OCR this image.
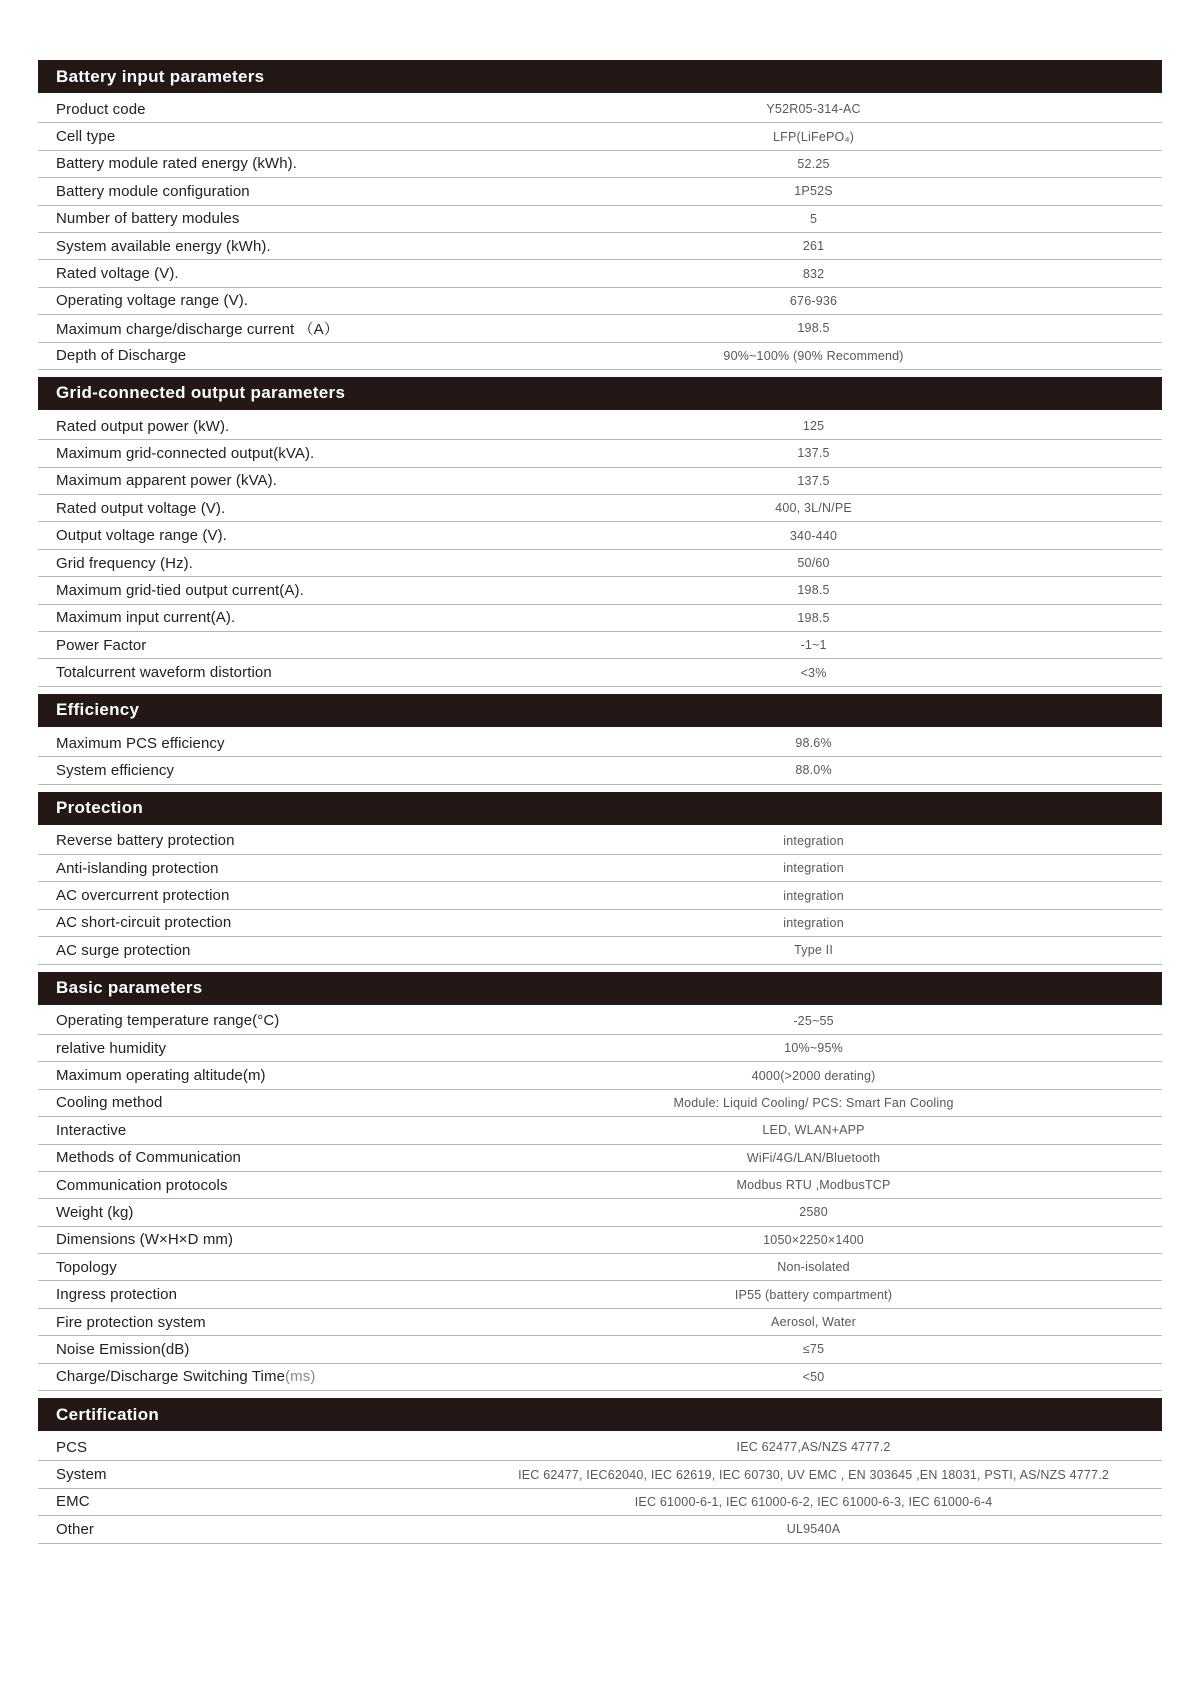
Battery input parameters
Product code	Y52R05-314-AC
Cell type	LFP(LiFePO₄)
Battery module rated energy (kWh).	52.25
Battery module configuration	1P52S
Number of battery modules	5
System available energy (kWh).	261
Rated voltage (V).	832
Operating voltage range (V).	676-936
Maximum charge/discharge current （A）	198.5
Depth of Discharge	90%~100% (90% Recommend)
Grid-connected output parameters
Rated output power (kW).	125
Maximum grid-connected output(kVA).	137.5
Maximum apparent power (kVA).	137.5
Rated output voltage (V).	400, 3L/N/PE
Output voltage range (V).	340-440
Grid frequency (Hz).	50/60
Maximum grid-tied output current(A).	198.5
Maximum input current(A).	198.5
Power Factor	-1~1
Totalcurrent waveform distortion	<3%
Efficiency
Maximum PCS efficiency	98.6%
System efficiency	88.0%
Protection
Reverse battery protection	integration
Anti-islanding protection	integration
AC overcurrent protection	integration
AC short-circuit protection	integration
AC surge protection	Type II
Basic parameters
Operating temperature range(°C)	-25~55
relative humidity	10%~95%
Maximum operating altitude(m)	4000(>2000 derating)
Cooling method	Module: Liquid Cooling/ PCS: Smart Fan Cooling
Interactive	LED, WLAN+APP
Methods of Communication	WiFi/4G/LAN/Bluetooth
Communication protocols	Modbus RTU ,ModbusTCP
Weight (kg)	2580
Dimensions (W×H×D mm)	1050×2250×1400
Topology	Non-isolated
Ingress protection	IP55 (battery compartment)
Fire protection system	Aerosol, Water
Noise Emission(dB)	≤75
Charge/Discharge Switching Time(ms)	<50
Certification
PCS	IEC 62477,AS/NZS 4777.2
System	IEC 62477, IEC62040, IEC 62619, IEC 60730, UV EMC , EN 303645 ,EN 18031, PSTI, AS/NZS 4777.2
EMC	IEC 61000-6-1, IEC 61000-6-2, IEC 61000-6-3, IEC 61000-6-4
Other	UL9540A
